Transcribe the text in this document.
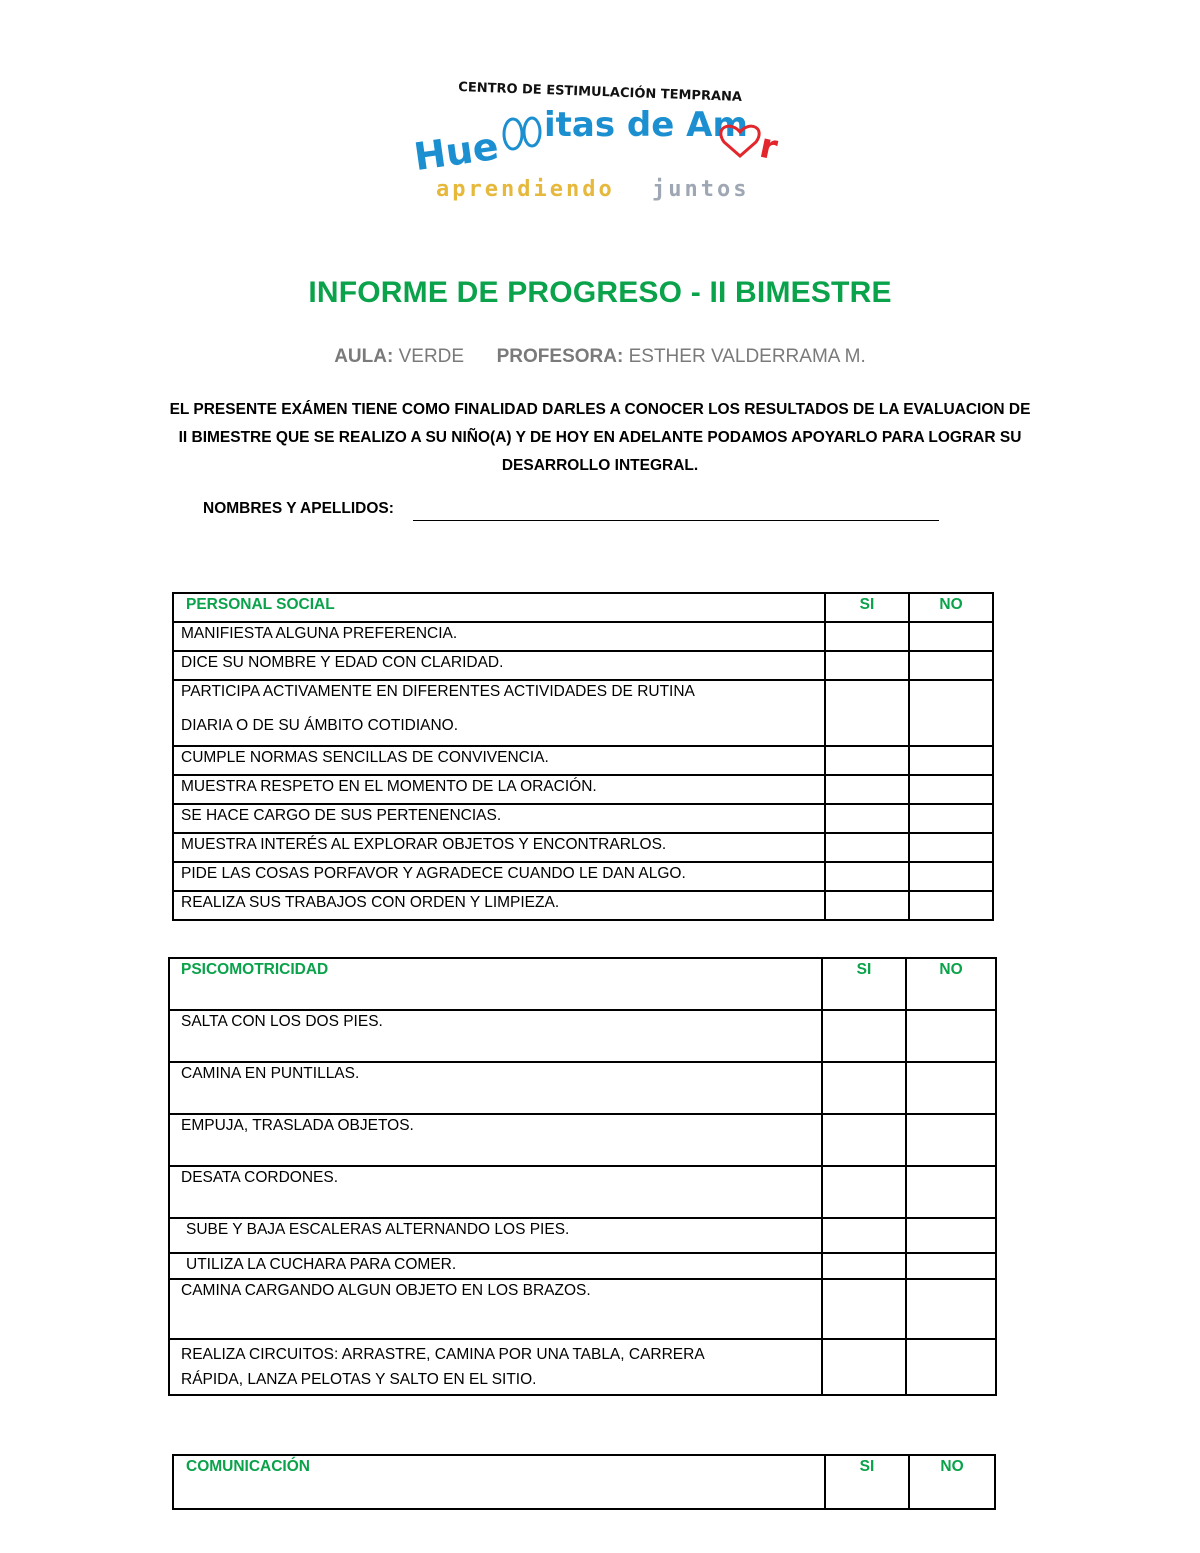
CENTRO DE ESTIMULACIÓN TEMPRANA
Hue itas de Am
r
aprendiendo juntos
INFORME DE PROGRESO - II BIMESTRE
AULA: VERDE PROFESORA: ESTHER VALDERRAMA M.
EL PRESENTE EXÁMEN TIENE COMO FINALIDAD DARLES A CONOCER LOS RESULTADOS DE LA EVALUACION DE
II BIMESTRE QUE SE REALIZO A SU NIÑO(A) Y DE HOY EN ADELANTE PODAMOS APOYARLO PARA LOGRAR SU
DESARROLLO INTEGRAL.
NOMBRES Y APELLIDOS:
PERSONAL SOCIAL	SI	NO
MANIFIESTA ALGUNA PREFERENCIA.		
DICE SU NOMBRE Y EDAD CON CLARIDAD.		

PARTICIPA ACTIVAMENTE EN DIFERENTES ACTIVIDADES DE RUTINA
DIARIA O DE SU ÁMBITO COTIDIANO.		

CUMPLE NORMAS SENCILLAS DE CONVIVENCIA.		
MUESTRA RESPETO EN EL MOMENTO DE LA ORACIÓN.		
SE HACE CARGO DE SUS PERTENENCIAS.		
MUESTRA INTERÉS AL EXPLORAR OBJETOS Y ENCONTRARLOS.		
PIDE LAS COSAS PORFAVOR Y AGRADECE CUANDO LE DAN ALGO.		
REALIZA SUS TRABAJOS CON ORDEN Y LIMPIEZA.		
PSICOMOTRICIDAD	SI	NO
SALTA CON LOS DOS PIES.		
CAMINA EN PUNTILLAS.		
EMPUJA, TRASLADA OBJETOS.		
DESATA CORDONES.		
SUBE Y BAJA ESCALERAS ALTERNANDO LOS PIES.		
UTILIZA LA CUCHARA PARA COMER.		
CAMINA CARGANDO ALGUN OBJETO EN LOS BRAZOS.		

REALIZA CIRCUITOS: ARRASTRE, CAMINA POR UNA TABLA, CARRERA
RÁPIDA, LANZA PELOTAS Y SALTO EN EL SITIO.		

COMUNICACIÓN	SI	NO
